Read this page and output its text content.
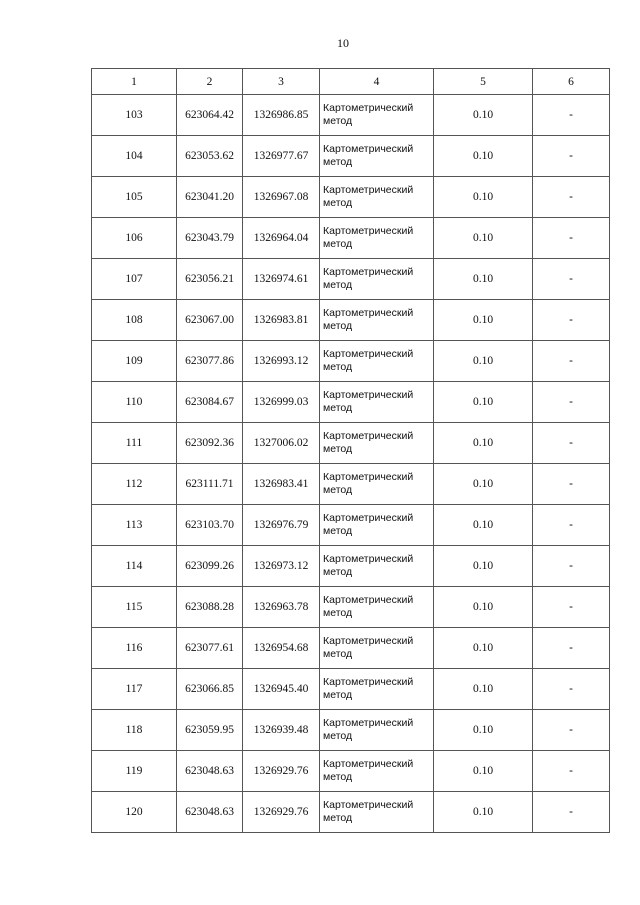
10
1	2	3	4	5	6
103	623064.42	1326986.85	Картометрический метод	0.10	-
104	623053.62	1326977.67	Картометрический метод	0.10	-
105	623041.20	1326967.08	Картометрический метод	0.10	-
106	623043.79	1326964.04	Картометрический метод	0.10	-
107	623056.21	1326974.61	Картометрический метод	0.10	-
108	623067.00	1326983.81	Картометрический метод	0.10	-
109	623077.86	1326993.12	Картометрический метод	0.10	-
110	623084.67	1326999.03	Картометрический метод	0.10	-
111	623092.36	1327006.02	Картометрический метод	0.10	-
112	623111.71	1326983.41	Картометрический метод	0.10	-
113	623103.70	1326976.79	Картометрический метод	0.10	-
114	623099.26	1326973.12	Картометрический метод	0.10	-
115	623088.28	1326963.78	Картометрический метод	0.10	-
116	623077.61	1326954.68	Картометрический метод	0.10	-
117	623066.85	1326945.40	Картометрический метод	0.10	-
118	623059.95	1326939.48	Картометрический метод	0.10	-
119	623048.63	1326929.76	Картометрический метод	0.10	-
120	623048.63	1326929.76	Картометрический метод	0.10	-
